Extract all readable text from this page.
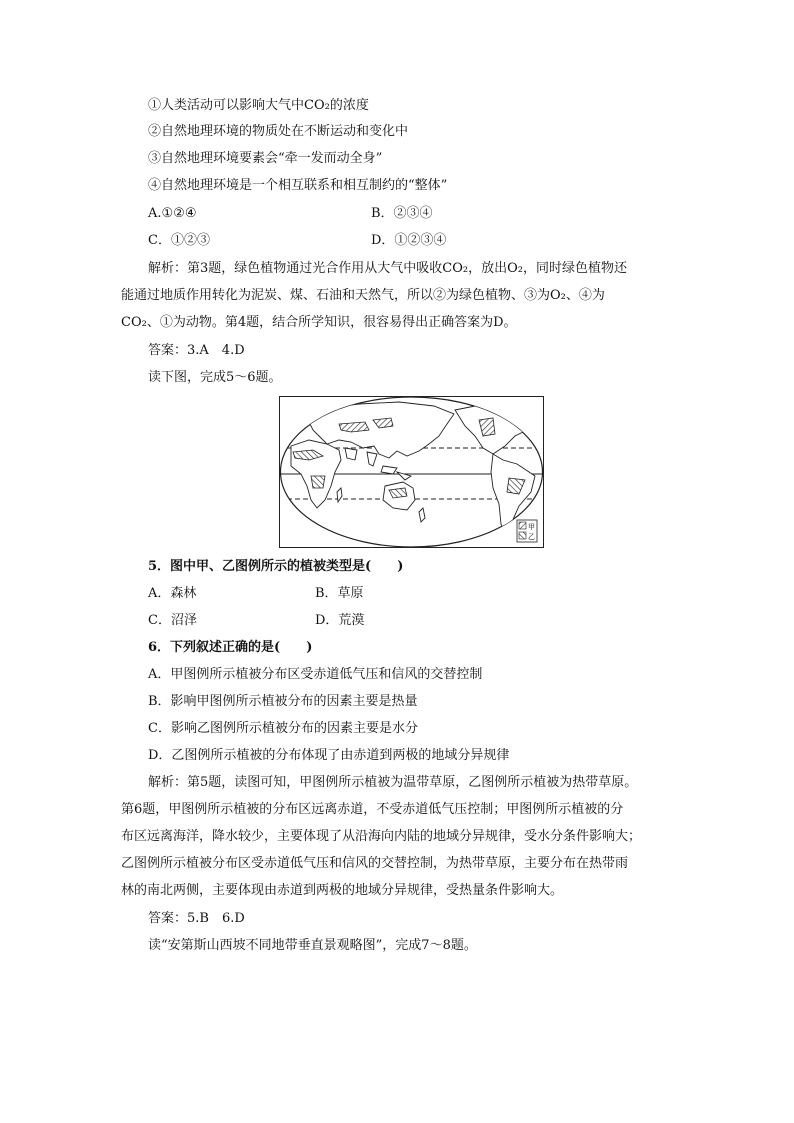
①人类活动可以影响大气中CO₂的浓度
②自然地理环境的物质处在不断运动和变化中
③自然地理环境要素会“牵一发而动全身”
④自然地理环境是一个相互联系和相互制约的“整体”
A.①②④	B．②③④
C．①②③	D．①②③④
解析：第3题，绿色植物通过光合作用从大气中吸收CO₂，放出O₂，同时绿色植物还
能通过地质作用转化为泥炭、煤、石油和天然气，所以②为绿色植物、③为O₂、④为
CO₂、①为动物。第4题，结合所学知识，很容易得出正确答案为D。
答案：3.A　4.D
读下图，完成5～6题。
甲
乙
5．图中甲、乙图例所示的植被类型是(　　)
A．森林	B．草原
C．沼泽	D．荒漠
6．下列叙述正确的是(　　)
A．甲图例所示植被分布区受赤道低气压和信风的交替控制
B．影响甲图例所示植被分布的因素主要是热量
C．影响乙图例所示植被分布的因素主要是水分
D．乙图例所示植被的分布体现了由赤道到两极的地域分异规律
解析：第5题，读图可知，甲图例所示植被为温带草原，乙图例所示植被为热带草原。
第6题，甲图例所示植被的分布区远离赤道，不受赤道低气压控制；甲图例所示植被的分
布区远离海洋，降水较少，主要体现了从沿海向内陆的地域分异规律，受水分条件影响大；
乙图例所示植被分布区受赤道低气压和信风的交替控制，为热带草原，主要分布在热带雨
林的南北两侧，主要体现由赤道到两极的地域分异规律，受热量条件影响大。
答案：5.B　6.D
读“安第斯山西坡不同地带垂直景观略图”，完成7～8题。
